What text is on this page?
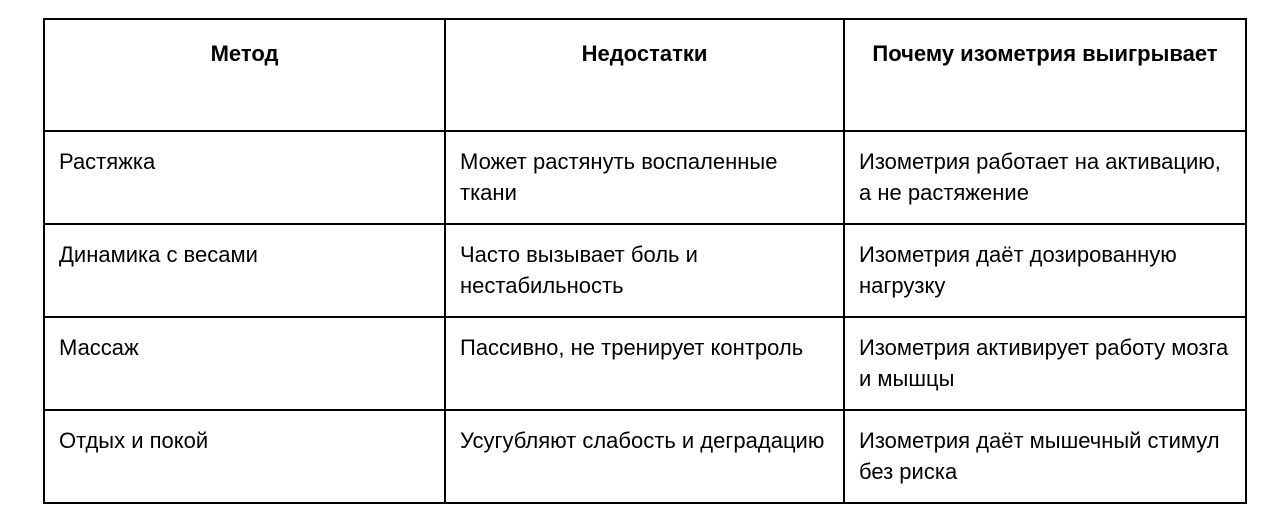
Метод	Недостатки	Почему изометрия выигрывает
Растяжка	Может растянуть воспаленные ткани	Изометрия работает на активацию, а не растяжение
Динамика с весами	Часто вызывает боль и нестабильность	Изометрия даёт дозированную нагрузку
Массаж	Пассивно, не тренирует контроль	Изометрия активирует работу мозга и мышцы
Отдых и покой	Усугубляют слабость и деградацию	Изометрия даёт мышечный стимул без риска
